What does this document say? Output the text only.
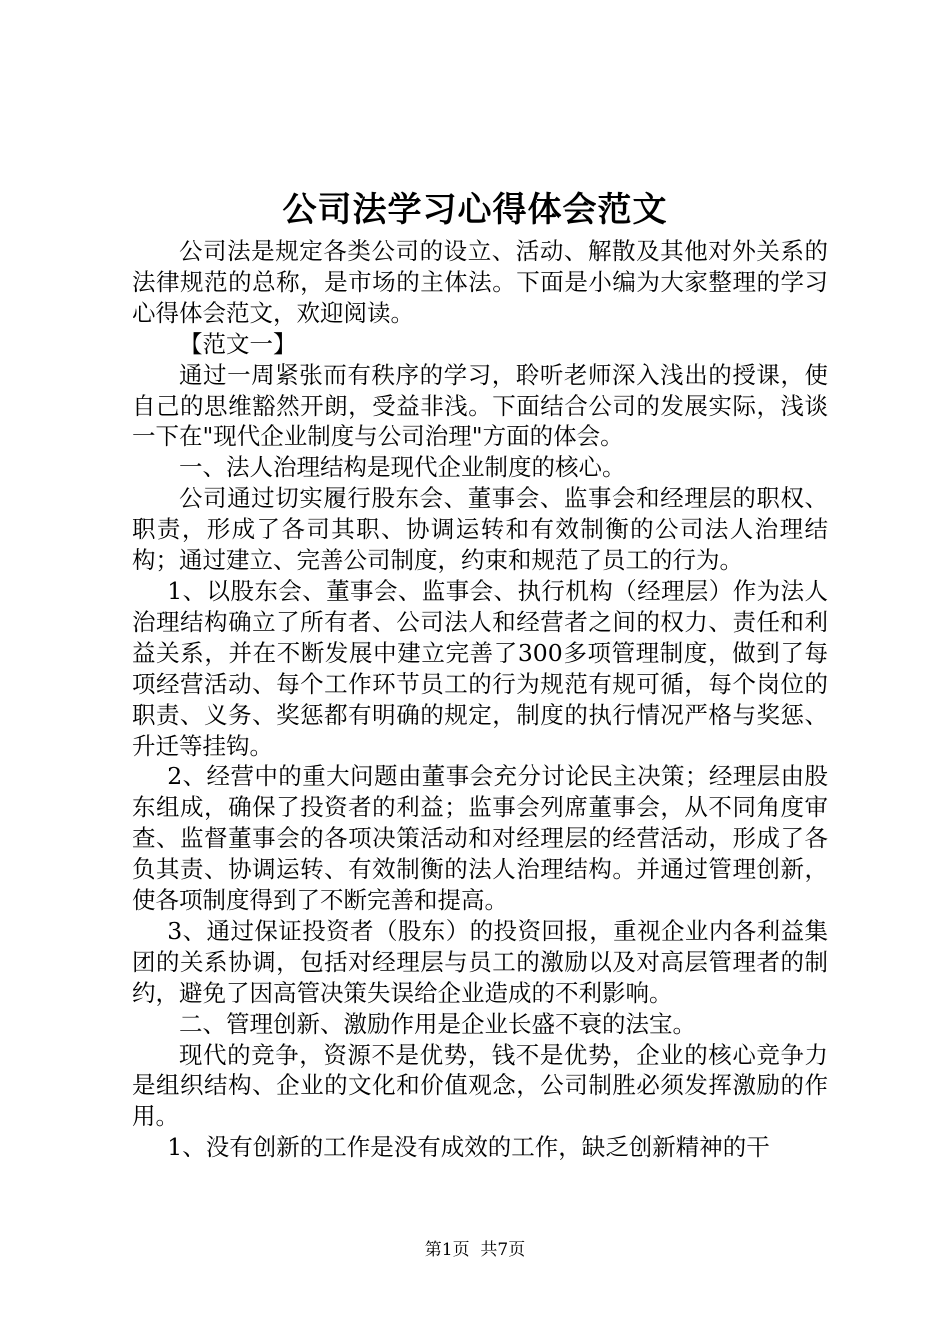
公司法学习心得体会范文

公司法是规定各类公司的设立、活动、解散及其他对外关系的法律规范的总称，是市场的主体法。下面是小编为大家整理的学习心得体会范文，欢迎阅读。

【范文一】

通过一周紧张而有秩序的学习，聆听老师深入浅出的授课，使自己的思维豁然开朗，受益非浅。下面结合公司的发展实际，浅谈一下在"现代企业制度与公司治理"方面的体会。

一、法人治理结构是现代企业制度的核心。

公司通过切实履行股东会、董事会、监事会和经理层的职权、职责，形成了各司其职、协调运转和有效制衡的公司法人治理结构；通过建立、完善公司制度，约束和规范了员工的行为。

1、以股东会、董事会、监事会、执行机构（经理层）作为法人治理结构确立了所有者、公司法人和经营者之间的权力、责任和利益关系，并在不断发展中建立完善了300多项管理制度，做到了每项经营活动、每个工作环节员工的行为规范有规可循，每个岗位的职责、义务、奖惩都有明确的规定，制度的执行情况严格与奖惩、升迁等挂钩。

2、经营中的重大问题由董事会充分讨论民主决策；经理层由股东组成，确保了投资者的利益；监事会列席董事会，从不同角度审查、监督董事会的各项决策活动和对经理层的经营活动，形成了各负其责、协调运转、有效制衡的法人治理结构。并通过管理创新，使各项制度得到了不断完善和提高。

3、通过保证投资者（股东）的投资回报，重视企业内各利益集团的关系协调，包括对经理层与员工的激励以及对高层管理者的制约，避免了因高管决策失误给企业造成的不利影响。

二、管理创新、激励作用是企业长盛不衰的法宝。

现代的竞争，资源不是优势，钱不是优势，企业的核心竞争力是组织结构、企业的文化和价值观念，公司制胜必须发挥激励的作用。

1、没有创新的工作是没有成效的工作，缺乏创新精神的干

第1页  共7页
